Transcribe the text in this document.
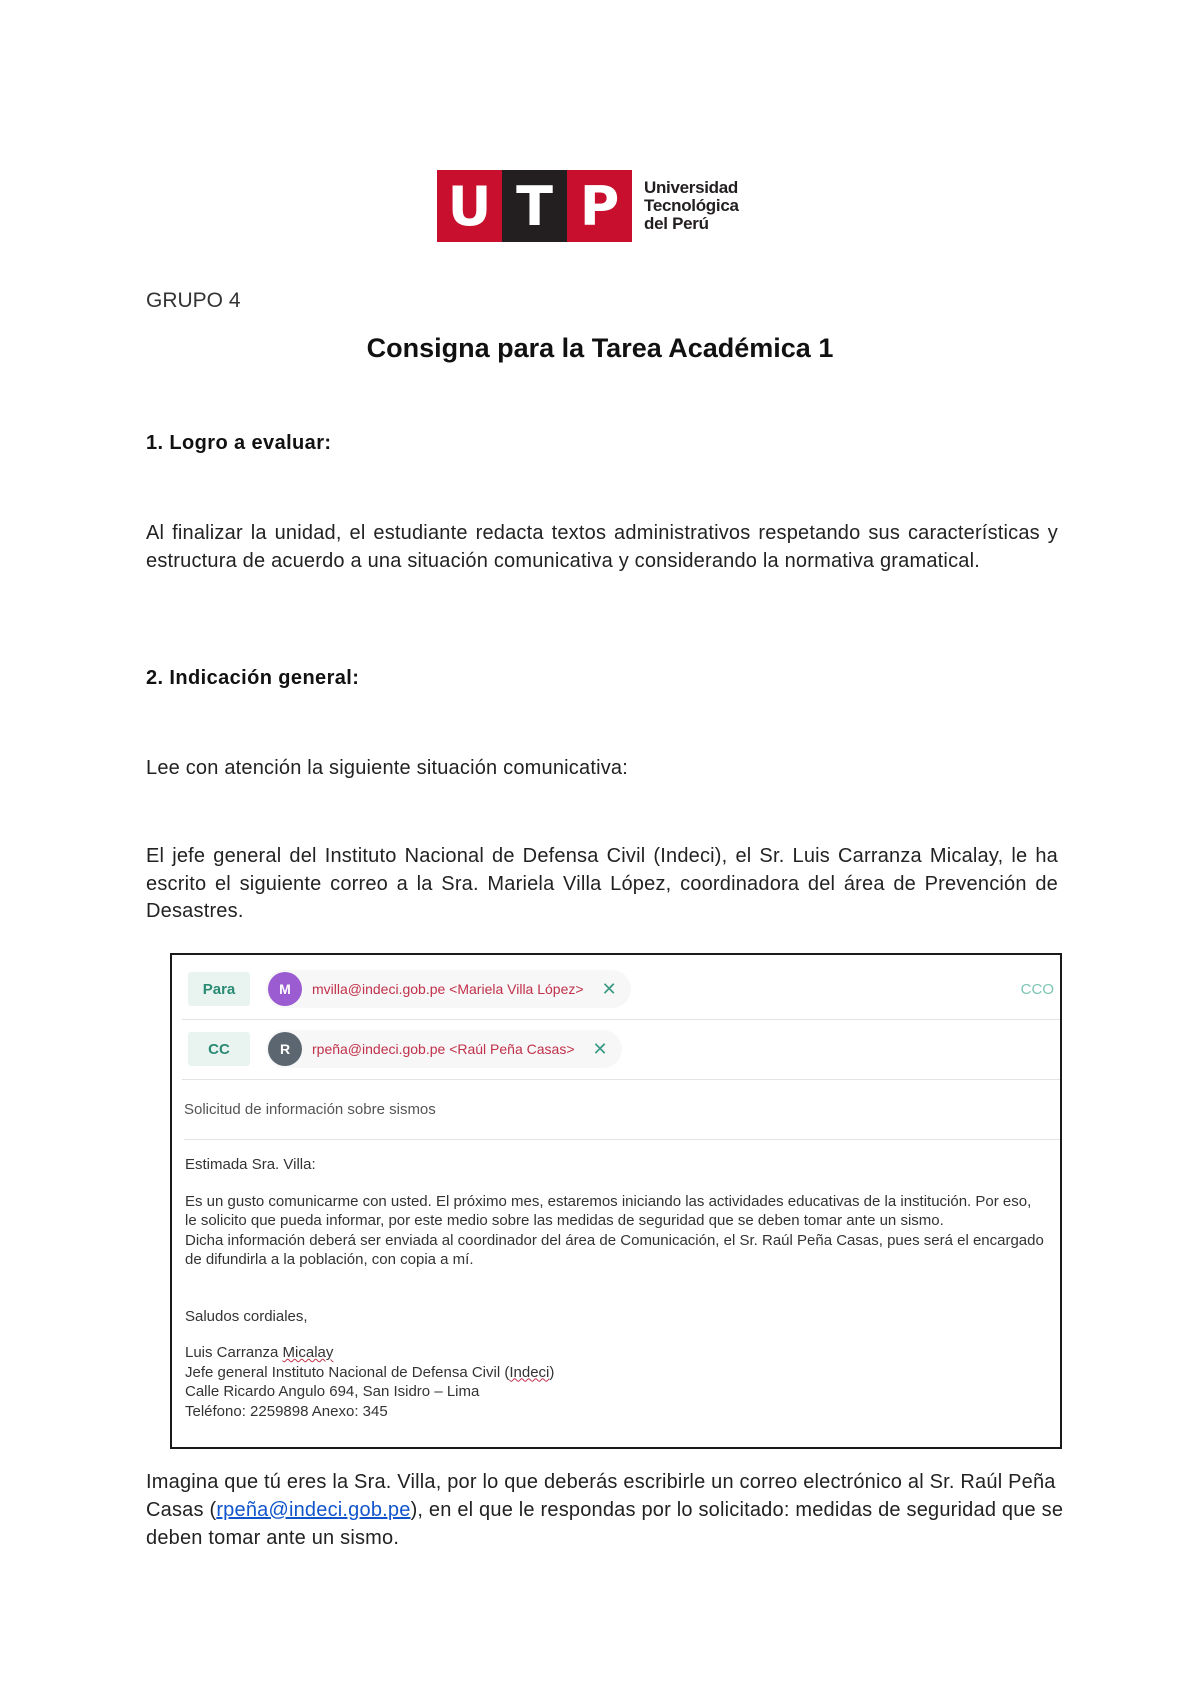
U T P	Universidad
Tecnológica
del Perú
GRUPO 4
Consigna para la Tarea Académica 1
1. Logro a evaluar:
Al finalizar la unidad, el estudiante redacta textos administrativos respetando sus características y estructura de acuerdo a una situación comunicativa y considerando la normativa gramatical.
2. Indicación general:
Lee con atención la siguiente situación comunicativa:
El jefe general del Instituto Nacional de Defensa Civil (Indeci), el Sr. Luis Carranza Micalay, le ha escrito el siguiente correo a la Sra. Mariela Villa López, coordinadora del área de Prevención de Desastres.
Para	M	mvilla@indeci.gob.pe <Mariela Villa López> ✕	CCO
CC	R	rpeña@indeci.gob.pe <Raúl Peña Casas> ✕
Solicitud de información sobre sismos

Estimada Sra. Villa:

Es un gusto comunicarme con usted. El próximo mes, estaremos iniciando las actividades educativas de la institución. Por eso, le solicito que pueda informar, por este medio sobre las medidas de seguridad que se deben tomar ante un sismo.

Dicha información deberá ser enviada al coordinador del área de Comunicación, el Sr. Raúl Peña Casas, pues será el encargado de difundirla a la población, con copia a mí.

Saludos cordiales,

Luis Carranza Micalay

Jefe general Instituto Nacional de Defensa Civil (Indeci)

Calle Ricardo Angulo 694, San Isidro – Lima

Teléfono: 2259898 Anexo: 345

Imagina que tú eres la Sra. Villa, por lo que deberás escribirle un correo electrónico al Sr. Raúl Peña Casas (rpeña@indeci.gob.pe), en el que le respondas por lo solicitado: medidas de seguridad que se deben tomar ante un sismo.
